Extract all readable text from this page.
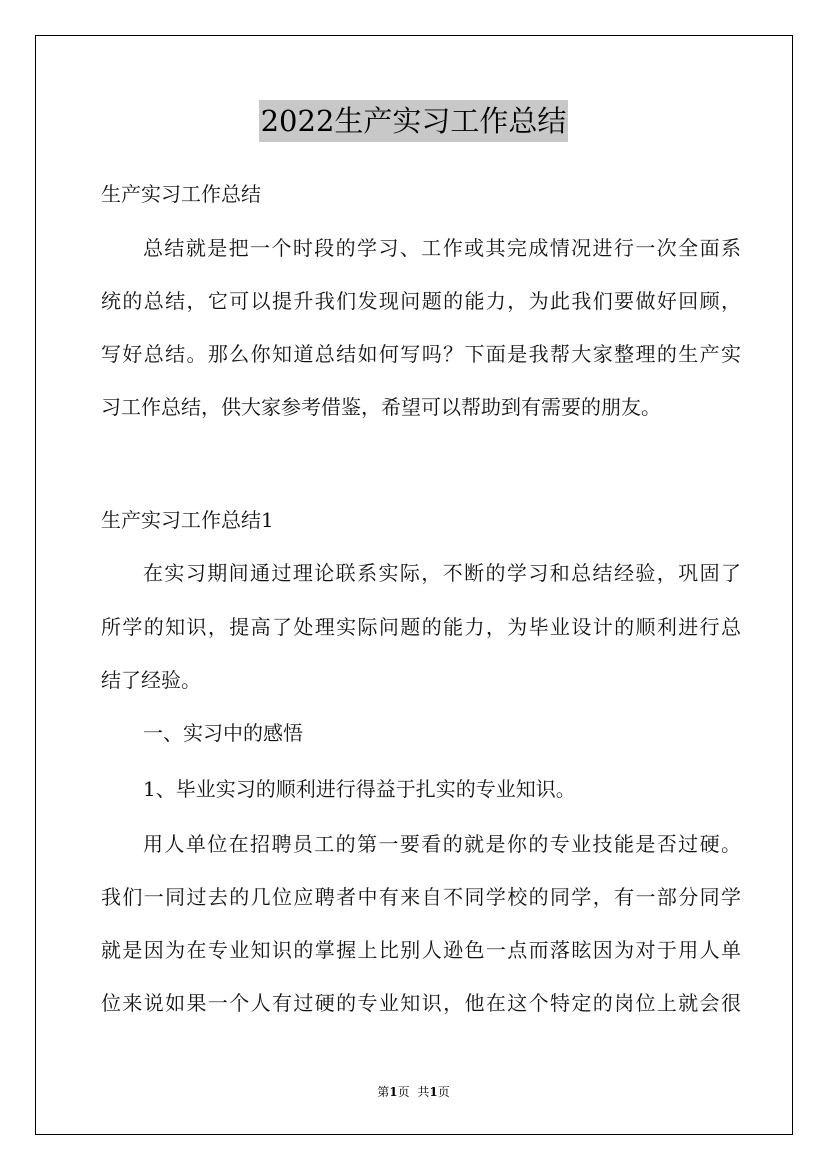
2022生产实习工作总结
生产实习工作总结
总结就是把一个时段的学习、工作或其完成情况进行一次全面系
统的总结，它可以提升我们发现问题的能力，为此我们要做好回顾，
写好总结。那么你知道总结如何写吗？下面是我帮大家整理的生产实
习工作总结，供大家参考借鉴，希望可以帮助到有需要的朋友。
生产实习工作总结1
在实习期间通过理论联系实际，不断的学习和总结经验，巩固了
所学的知识，提高了处理实际问题的能力，为毕业设计的顺利进行总
结了经验。
一、实习中的感悟
1、毕业实习的顺利进行得益于扎实的专业知识。
用人单位在招聘员工的第一要看的就是你的专业技能是否过硬。
我们一同过去的几位应聘者中有来自不同学校的同学，有一部分同学
就是因为在专业知识的掌握上比别人逊色一点而落眩因为对于用人单
位来说如果一个人有过硬的专业知识，他在这个特定的岗位上就会很
第1页 共1页
